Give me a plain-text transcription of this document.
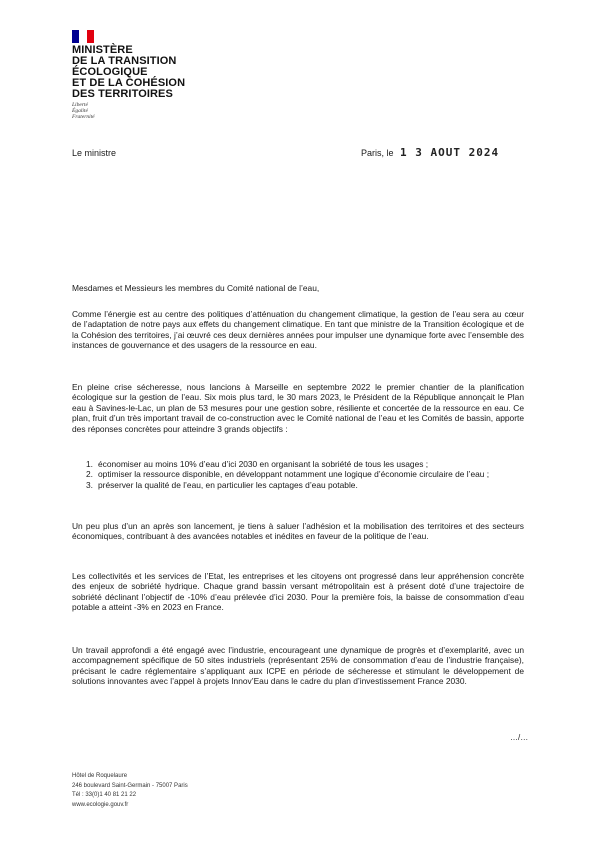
MINISTÈRE
DE LA TRANSITION
ÉCOLOGIQUE
ET DE LA COHÉSION
DES TERRITOIRES
Liberté
Égalité
Fraternité
Le ministre	Paris, le 1 3 AOUT 2024
Mesdames et Messieurs les membres du Comité national de l’eau,

Comme l’énergie est au centre des politiques d’atténuation du changement climatique, la gestion de l’eau sera au cœur de l’adaptation de notre pays aux effets du changement climatique. En tant que ministre de la Transition écologique et de la Cohésion des territoires, j’ai œuvré ces deux dernières années pour impulser une dynamique forte avec l’ensemble des instances de gouvernance et des usagers de la ressource en eau.

En pleine crise sécheresse, nous lancions à Marseille en septembre 2022 le premier chantier de la planification écologique sur la gestion de l’eau. Six mois plus tard, le 30 mars 2023, le Président de la République annonçait le Plan eau à Savines-le-Lac, un plan de 53 mesures pour une gestion sobre, résiliente et concertée de la ressource en eau. Ce plan, fruit d’un très important travail de co-construction avec le Comité national de l’eau et les Comités de bassin, apporte des réponses concrètes pour atteindre 3 grands objectifs :

1. économiser au moins 10% d’eau d’ici 2030 en organisant la sobriété de tous les usages ;
2. optimiser la ressource disponible, en développant notamment une logique d’économie circulaire de l’eau ;
3. préserver la qualité de l’eau, en particulier les captages d’eau potable.

Un peu plus d’un an après son lancement, je tiens à saluer l’adhésion et la mobilisation des territoires et des secteurs économiques, contribuant à des avancées notables et inédites en faveur de la politique de l’eau.

Les collectivités et les services de l’Etat, les entreprises et les citoyens ont progressé dans leur appréhension concrète des enjeux de sobriété hydrique. Chaque grand bassin versant métropolitain est à présent doté d’une trajectoire de sobriété déclinant l’objectif de -10% d’eau prélevée d’ici 2030. Pour la première fois, la baisse de consommation d’eau potable a atteint -3% en 2023 en France.

Un travail approfondi a été engagé avec l’industrie, encourageant une dynamique de progrès et d’exemplarité, avec un accompagnement spécifique de 50 sites industriels (représentant 25% de consommation d’eau de l’industrie française), précisant le cadre réglementaire s’appliquant aux ICPE en période de sécheresse et stimulant le développement de solutions innovantes avec l’appel à projets Innov’Eau dans le cadre du plan d’investissement France 2030.

…/…
Hôtel de Roquelaure
246 boulevard Saint-Germain - 75007 Paris
Tél : 33(0)1 40 81 21 22
www.ecologie.gouv.fr
